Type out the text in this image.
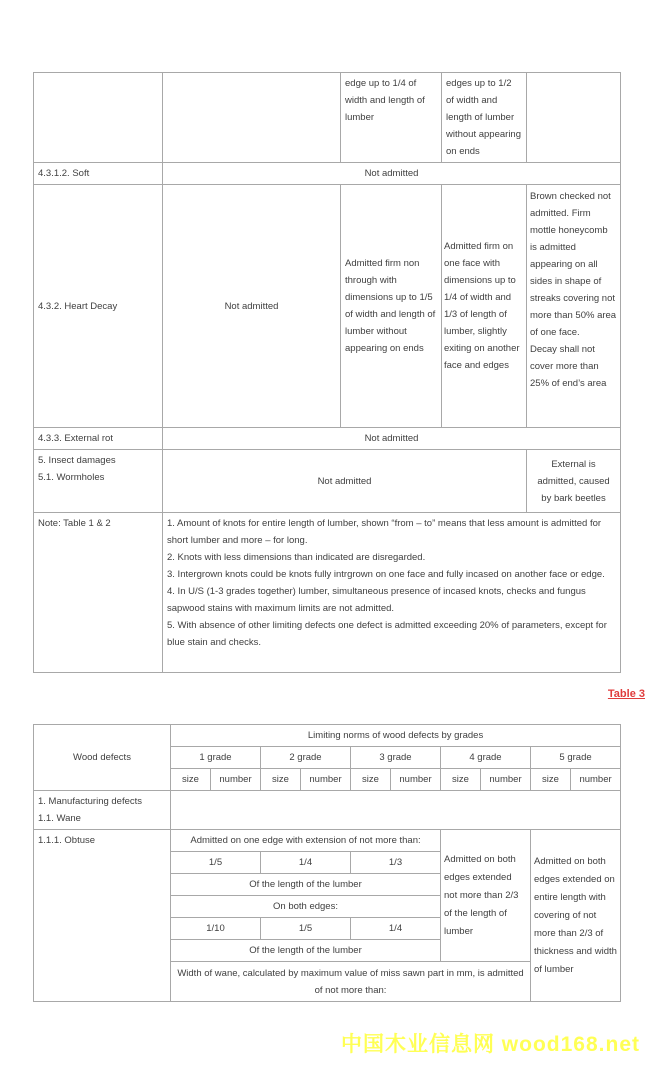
		edge up to 1/4 of width and length of lumber	edges up to 1/2 of width and length of lumber without appearing on ends	
4.3.1.2. Soft	Not admitted			
4.3.2. Heart Decay	Not admitted	Admitted firm non through with dimensions up to 1/5 of width and length of lumber without appearing on ends	Admitted firm on one face with dimensions up to 1/4 of width and 1/3 of length of lumber, slightly exiting on another face and edges	Brown checked not admitted. Firm mottle honeycomb is admitted appearing on all sides in shape of streaks covering not more than 50% area of one face.
Decay shall not cover more than 25% of end’s area

4.3.3. External rot	Not admitted			

5. Insect damages
5.1. Wormholes	Not admitted			External is admitted, caused by bark beetles
Note: Table 1 & 2	1. Amount of knots for entire length of lumber, shown “from – to” means that less amount is admitted for short lumber and more – for long.
2. Knots with less dimensions than indicated are disregarded.
3. Intergrown knots could be knots fully intrgrown on one face and fully incased on another face or edge.
4. In U/S (1-3 grades together) lumber, simultaneous presence of incased knots, checks and fungus sapwood stains with maximum limits are not admitted.
5. With absence of other limiting defects one defect is admitted exceeding 20% of parameters, except for blue stain and checks.			
Table 3
Wood defects	Limiting norms of wood defects by grades									
	1 grade		2 grade		3 grade		4 grade		5 grade	
	size	number	size	number	size	number	size	number	size	number

1. Manufacturing defects
1.1. Wane										

1.1.1. Obtuse	Admitted on one edge with extension of not more than:						Admitted on both edges extended not more than 2/3 of the length of lumber		Admitted on both edges extended on entire length with covering of not more than 2/3 of thickness and width of lumber	
	1/5		1/4		1/3					
	Of the length of the lumber									
	On both edges:									
	1/10		1/5		1/4					
	Of the length of the lumber									
	Width of wane, calculated by maximum value of miss sawn part in mm, is admitted of not more than:									
中国木业信息网 wood168.net
